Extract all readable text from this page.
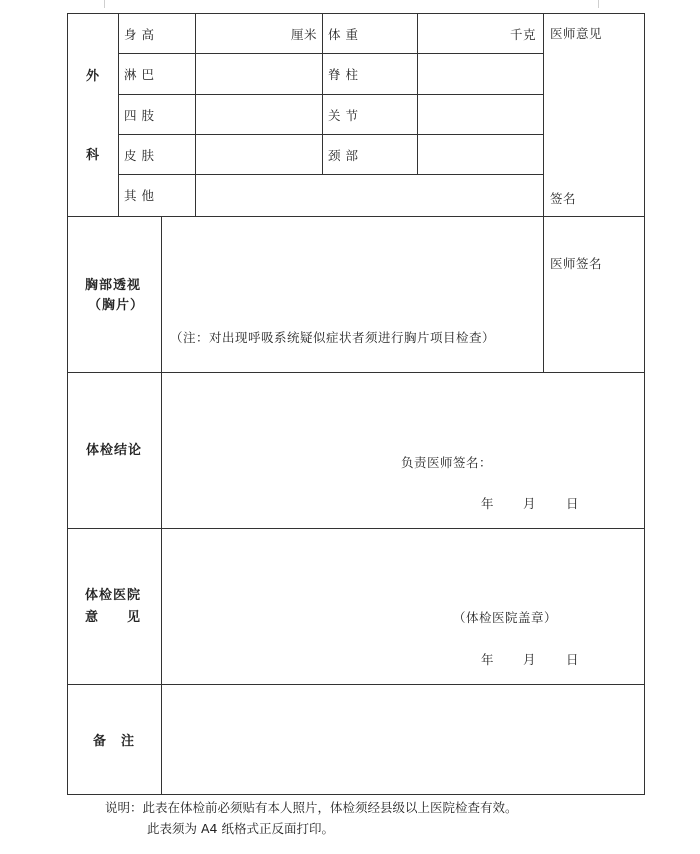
外
科
身 高
淋 巴
四 肢
皮 肤
其 他
厘米 体 重
脊 柱
关 节
颈 部
千克 医师意见
签名
胸部透视
（胸片）
（注：对出现呼吸系统疑似症状者须进行胸片项目检查）
医师签名
体检结论
负责医师签名：
年 月 日
体检医院
意　　见	（体检医院盖章）
年 月 日
备　注
说明：此表在体检前必须贴有本人照片，体检须经县级以上医院检查有效。
此表须为 A4 纸格式正反面打印。
